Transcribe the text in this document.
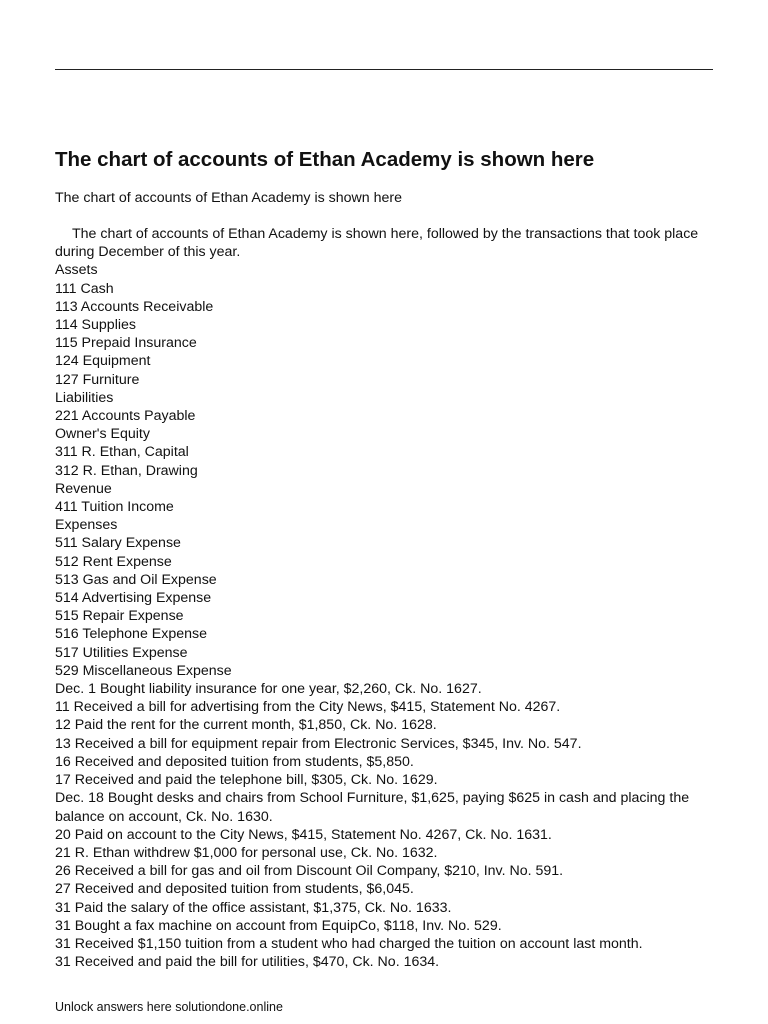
The chart of accounts of Ethan Academy is shown here

The chart of accounts of Ethan Academy is shown here

The chart of accounts of Ethan Academy is shown here, followed by the transactions that took place during December of this year.

Assets

111 Cash

113 Accounts Receivable

114 Supplies

115 Prepaid Insurance

124 Equipment

127 Furniture

Liabilities

221 Accounts Payable

Owner's Equity

311 R. Ethan, Capital

312 R. Ethan, Drawing

Revenue

411 Tuition Income

Expenses

511 Salary Expense

512 Rent Expense

513 Gas and Oil Expense

514 Advertising Expense

515 Repair Expense

516 Telephone Expense

517 Utilities Expense

529 Miscellaneous Expense

Dec. 1 Bought liability insurance for one year, $2,260, Ck. No. 1627.

11 Received a bill for advertising from the City News, $415, Statement No. 4267.

12 Paid the rent for the current month, $1,850, Ck. No. 1628.

13 Received a bill for equipment repair from Electronic Services, $345, Inv. No. 547.

16 Received and deposited tuition from students, $5,850.

17 Received and paid the telephone bill, $305, Ck. No. 1629.

Dec. 18 Bought desks and chairs from School Furniture, $1,625, paying $625 in cash and placing the balance on account, Ck. No. 1630.

20 Paid on account to the City News, $415, Statement No. 4267, Ck. No. 1631.

21 R. Ethan withdrew $1,000 for personal use, Ck. No. 1632.

26 Received a bill for gas and oil from Discount Oil Company, $210, Inv. No. 591.

27 Received and deposited tuition from students, $6,045.

31 Paid the salary of the office assistant, $1,375, Ck. No. 1633.

31 Bought a fax machine on account from EquipCo, $118, Inv. No. 529.

31 Received $1,150 tuition from a student who had charged the tuition on account last month.

31 Received and paid the bill for utilities, $470, Ck. No. 1634.

Unlock answers here solutiondone.online
